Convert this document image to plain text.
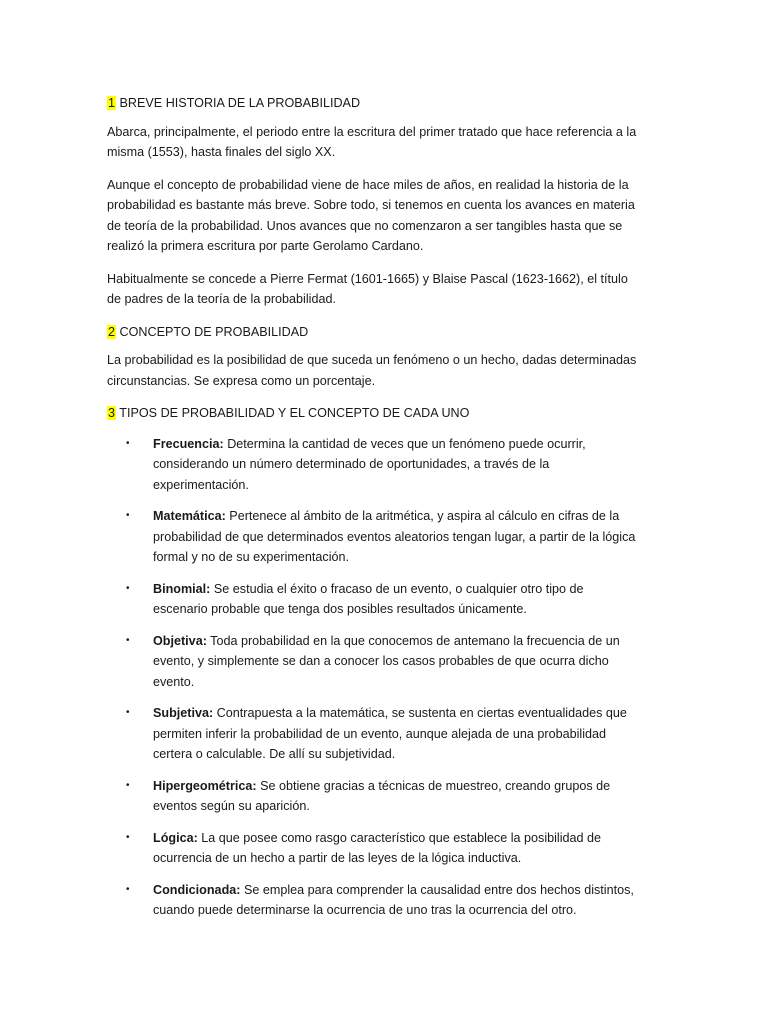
1 BREVE HISTORIA DE LA PROBABILIDAD

Abarca, principalmente, el periodo entre la escritura del primer tratado que hace referencia a la misma (1553), hasta finales del siglo XX.

Aunque el concepto de probabilidad viene de hace miles de años, en realidad la historia de la probabilidad es bastante más breve. Sobre todo, si tenemos en cuenta los avances en materia de teoría de la probabilidad. Unos avances que no comenzaron a ser tangibles hasta que se realizó la primera escritura por parte Gerolamo Cardano.

Habitualmente se concede a Pierre Fermat (1601-1665) y Blaise Pascal (1623-1662), el título de padres de la teoría de la probabilidad.

2 CONCEPTO DE PROBABILIDAD

La probabilidad es la posibilidad de que suceda un fenómeno o un hecho, dadas determinadas circunstancias. Se expresa como un porcentaje.

3 TIPOS DE PROBABILIDAD Y EL CONCEPTO DE CADA UNO
• Frecuencia: Determina la cantidad de veces que un fenómeno puede ocurrir, considerando un número determinado de oportunidades, a través de la experimentación.
• Matemática: Pertenece al ámbito de la aritmética, y aspira al cálculo en cifras de la probabilidad de que determinados eventos aleatorios tengan lugar, a partir de la lógica formal y no de su experimentación.
• Binomial: Se estudia el éxito o fracaso de un evento, o cualquier otro tipo de escenario probable que tenga dos posibles resultados únicamente.
• Objetiva: Toda probabilidad en la que conocemos de antemano la frecuencia de un evento, y simplemente se dan a conocer los casos probables de que ocurra dicho evento.
• Subjetiva: Contrapuesta a la matemática, se sustenta en ciertas eventualidades que permiten inferir la probabilidad de un evento, aunque alejada de una probabilidad certera o calculable. De allí su subjetividad.
• Hipergeométrica: Se obtiene gracias a técnicas de muestreo, creando grupos de eventos según su aparición.
• Lógica: La que posee como rasgo característico que establece la posibilidad de ocurrencia de un hecho a partir de las leyes de la lógica inductiva.
• Condicionada: Se emplea para comprender la causalidad entre dos hechos distintos, cuando puede determinarse la ocurrencia de uno tras la ocurrencia del otro.
